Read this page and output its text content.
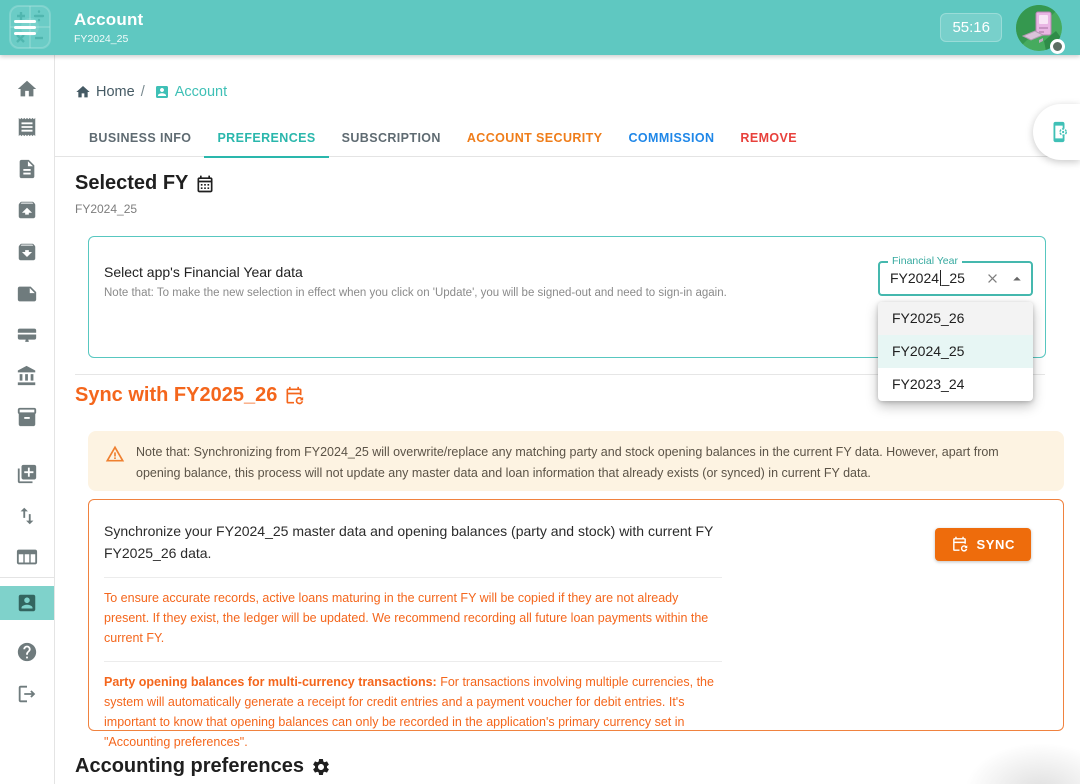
Account
FY2024_25
55:16
Home / Account
BUSINESS INFO	PREFERENCES	SUBSCRIPTION	ACCOUNT SECURITY	COMMISSION	REMOVE
Selected FY
FY2024_25
Select app's Financial Year data
Note that: To make the new selection in effect when you click on 'Update', you will be signed-out and need to sign-in again.
Financial Year
FY2024 _25
FY2025_26
FY2024_25
FY2023_24
Sync with FY2025_26
Note that: Synchronizing from FY2024_25 will overwrite/replace any matching party and stock opening balances in the current FY data. However, apart from opening balance, this process will not update any master data and loan information that already exists (or synced) in current FY data.
Synchronize your FY2024_25 master data and opening balances (party and stock) with current FY FY2025_26 data.
SYNC
To ensure accurate records, active loans maturing in the current FY will be copied if they are not already present. If they exist, the ledger will be updated. We recommend recording all future loan payments within the current FY.
Party opening balances for multi-currency transactions: For transactions involving multiple currencies, the system will automatically generate a receipt for credit entries and a payment voucher for debit entries. It's important to know that opening balances can only be recorded in the application's primary currency set in "Accounting preferences".
Accounting preferences
